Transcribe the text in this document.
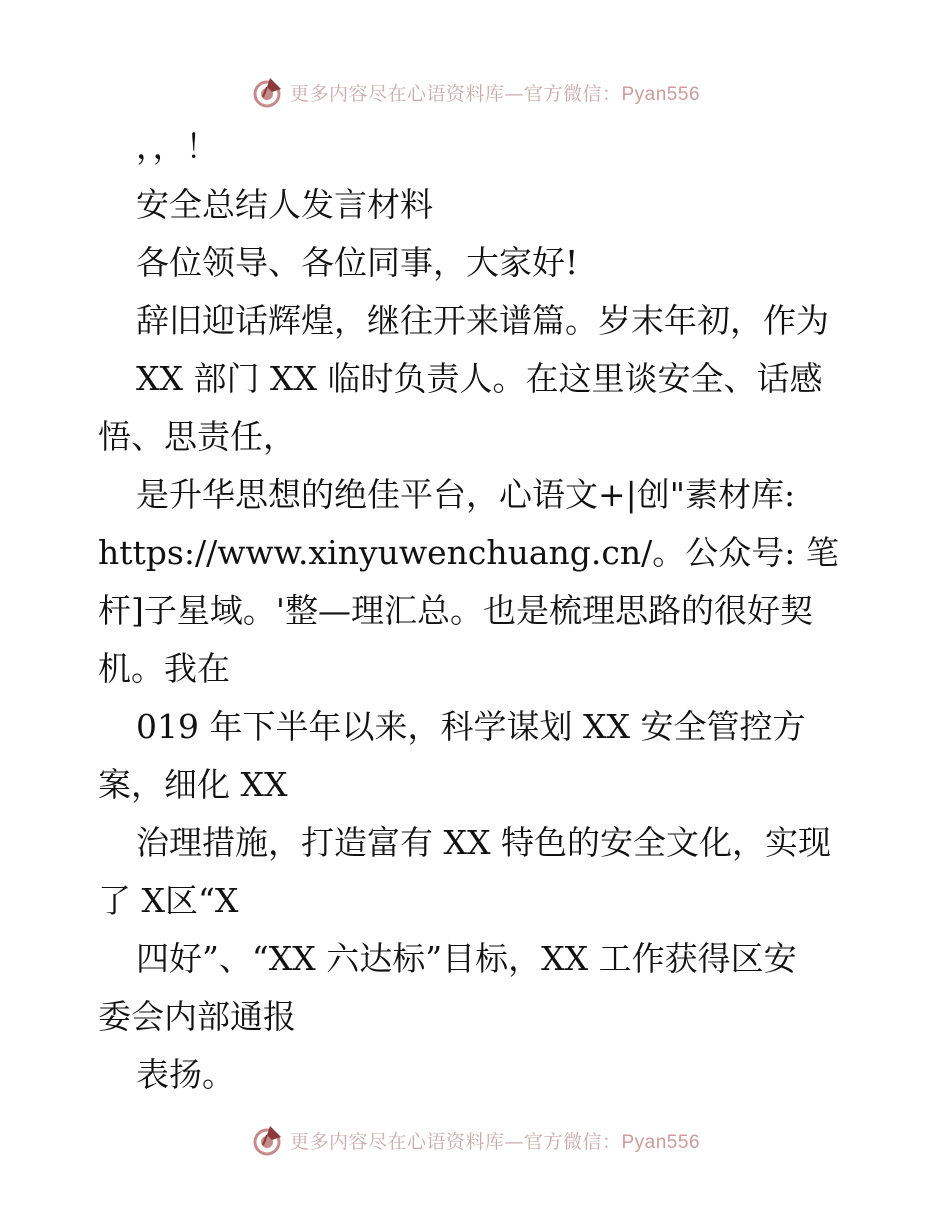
更多内容尽在心语资料库—官方微信：Pyan556
，，！
安全总结人发言材料
各位领导、各位同事，大家好!
辞旧迎话辉煌，继往开来谱篇。岁末年初，作为
XX 部门 XX 临时负责人。在这里谈安全、话感
悟、思责任，
是升华思想的绝佳平台，心语文+|创"素材库:
https://www.xinyuwenchuang.cn/。公众号: 笔
杆]子星域。'整—理汇总。也是梳理思路的很好契
机。我在
019 年下半年以来，科学谋划 XX 安全管控方
案，细化 XX
治理措施，打造富有 XX 特色的安全文化，实现
了 X区“X
四好”、“XX 六达标”目标，XX 工作获得区安
委会内部通报
表扬。
更多内容尽在心语资料库—官方微信：Pyan556
